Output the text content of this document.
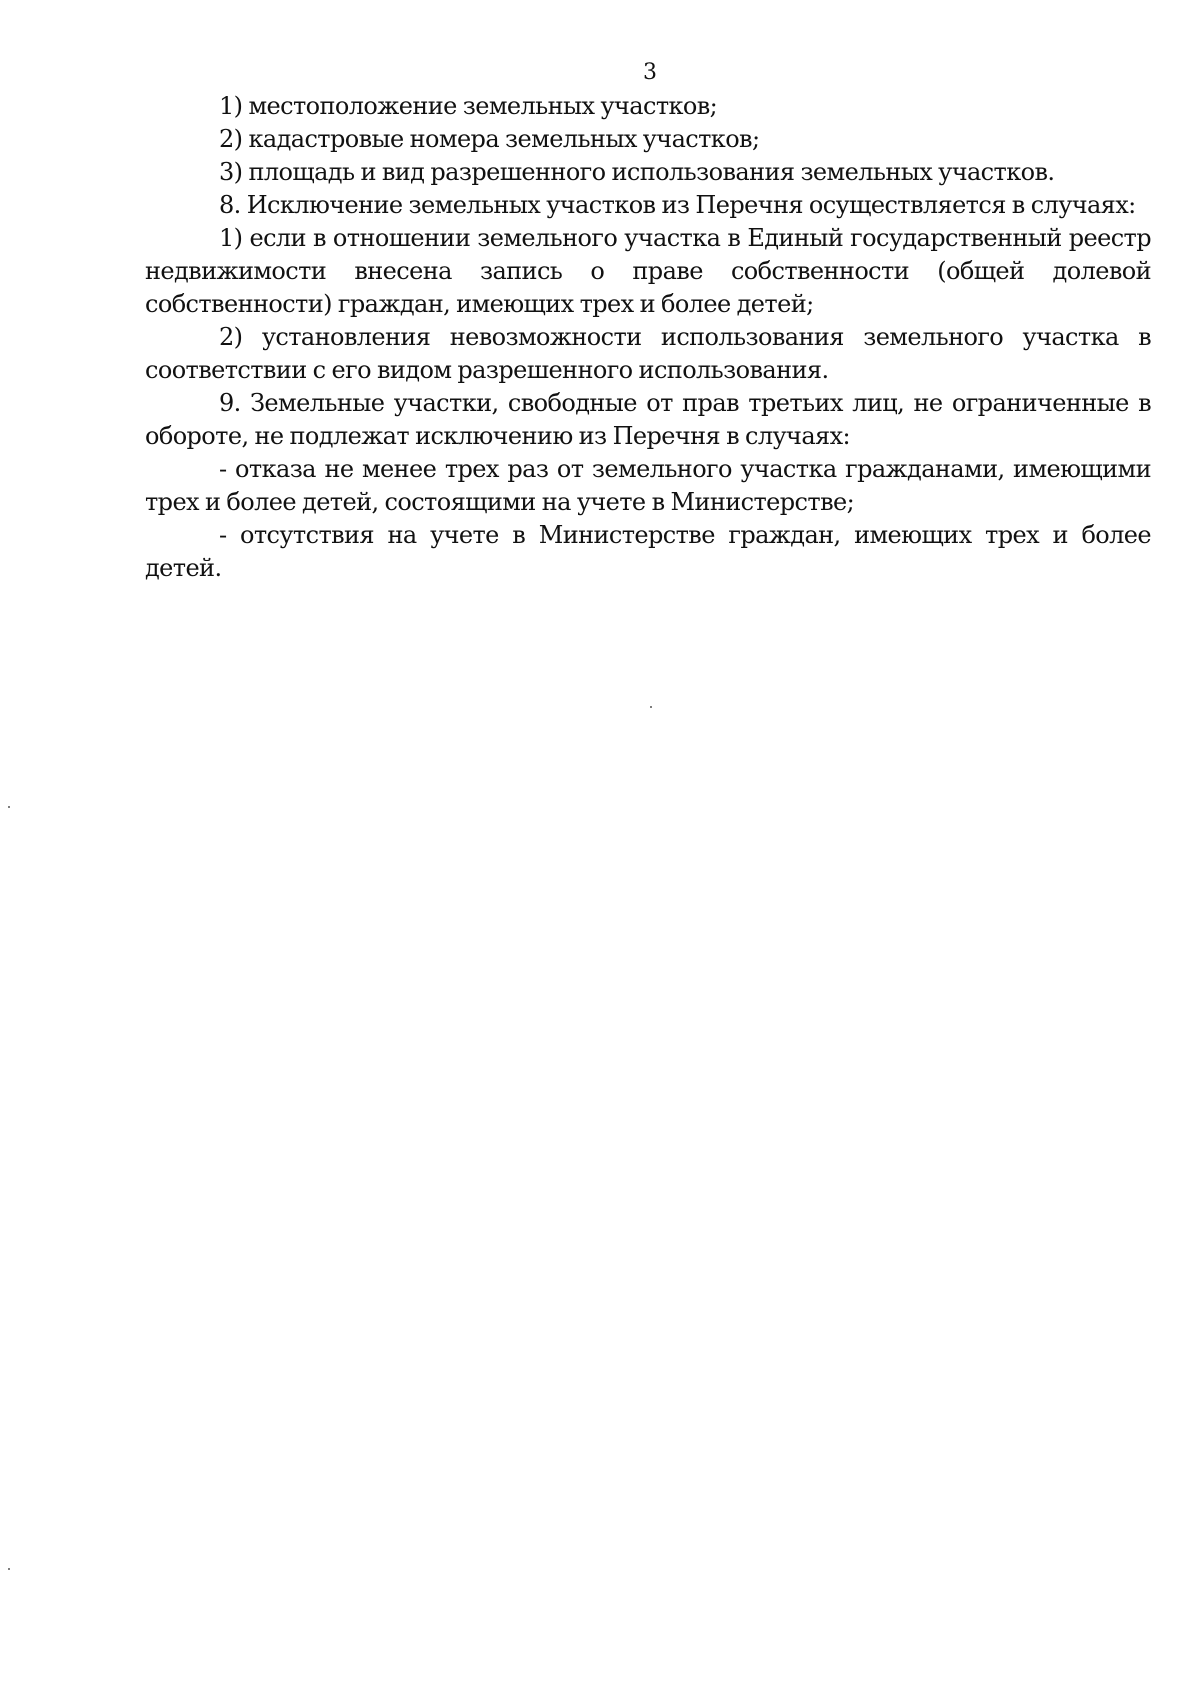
3

1) местоположение земельных участков;

2) кадастровые номера земельных участков;

3) площадь и вид разрешенного использования земельных участков.

8. Исключение земельных участков из Перечня осуществляется в случаях:

1) если в отношении земельного участка в Единый государственный реестр недвижимости внесена запись о праве собственности (общей долевой собственности) граждан, имеющих трех и более детей;

2) установления невозможности использования земельного участка в соответствии с его видом разрешенного использования.

9. Земельные участки, свободные от прав третьих лиц, не ограниченные в обороте, не подлежат исключению из Перечня в случаях:

- отказа не менее трех раз от земельного участка гражданами, имеющими трех и более детей, состоящими на учете в Министерстве;

- отсутствия на учете в Министерстве граждан, имеющих трех и более детей.
